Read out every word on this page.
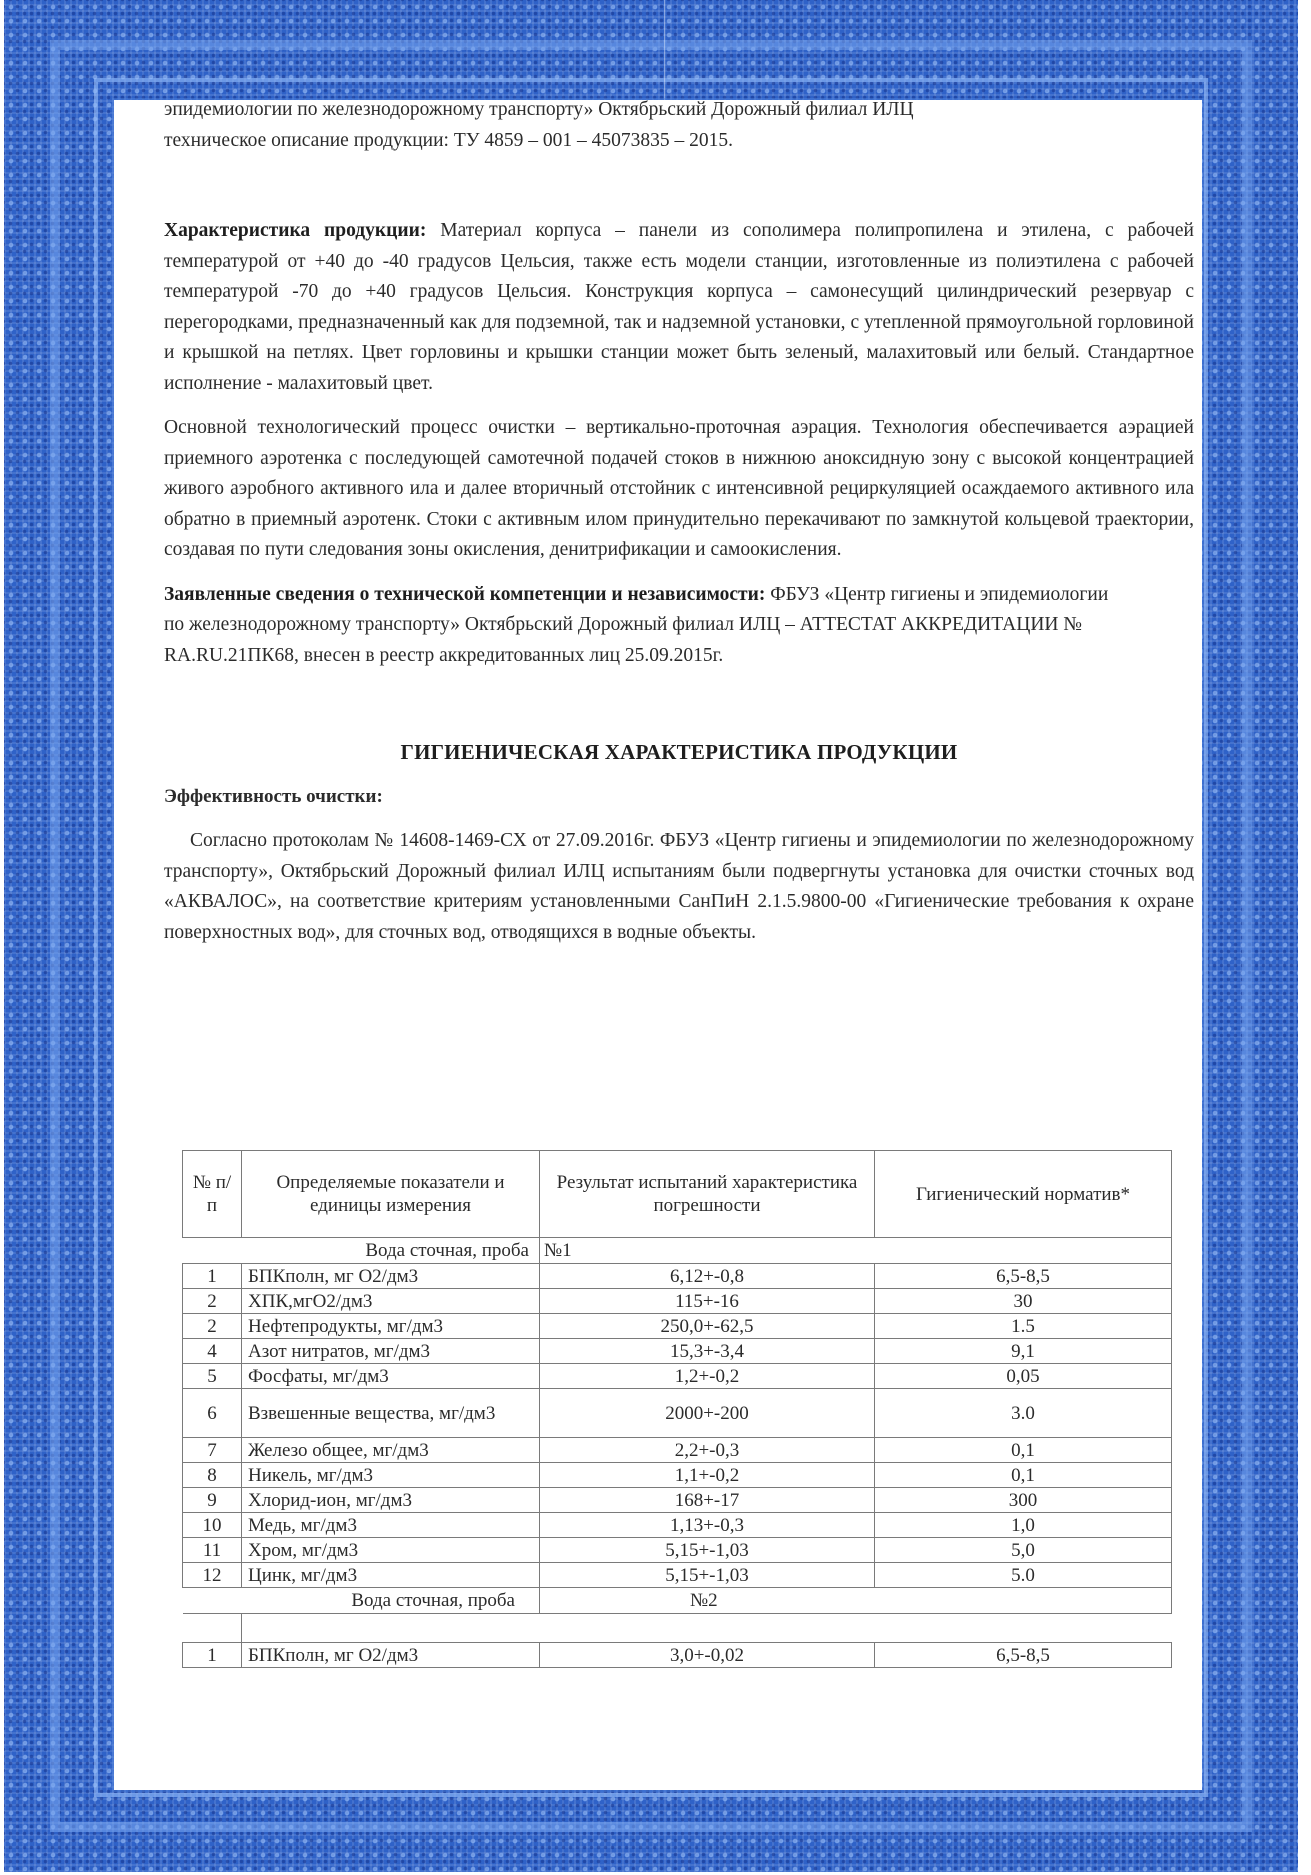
эпидемиологии по железнодорожному транспорту» Октябрьский Дорожный филиал ИЛЦ

техническое описание продукции: ТУ 4859 – 001 – 45073835 – 2015.

Характеристика продукции: Материал корпуса – панели из сополимера полипропилена и этилена, с рабочей температурой от +40 до -40 градусов Цельсия, также есть модели станции, изготовленные из полиэтилена с рабочей температурой -70 до +40 градусов Цельсия. Конструкция корпуса – самонесущий цилиндрический резервуар с перегородками, предназначенный как для подземной, так и надземной установки, с утепленной прямоугольной горловиной и крышкой на петлях. Цвет горловины и крышки станции может быть зеленый, малахитовый или белый. Стандартное исполнение - малахитовый цвет.

Основной технологический процесс очистки – вертикально-проточная аэрация. Технология обеспечивается аэрацией приемного аэротенка с последующей самотечной подачей стоков в нижнюю аноксидную зону с высокой концентрацией живого аэробного активного ила и далее вторичный отстойник с интенсивной рециркуляцией осаждаемого активного ила обратно в приемный аэротенк. Стоки с активным илом принудительно перекачивают по замкнутой кольцевой траектории, создавая по пути следования зоны окисления, денитрификации и самоокисления.

Заявленные сведения о технической компетенции и независимости: ФБУЗ «Центр гигиены и эпидемиологии по железнодорожному транспорту» Октябрьский Дорожный филиал ИЛЦ – АТТЕСТАТ АККРЕДИТАЦИИ № RA.RU.21ПК68, внесен в реестр аккредитованных лиц 25.09.2015г.

ГИГИЕНИЧЕСКАЯ ХАРАКТЕРИСТИКА ПРОДУКЦИИ

Эффективность очистки:

Согласно протоколам № 14608-1469-СХ от 27.09.2016г. ФБУЗ «Центр гигиены и эпидемиологии по железнодорожному транспорту», Октябрьский Дорожный филиал ИЛЦ испытаниям были подвергнуты установка для очистки сточных вод «АКВАЛОС», на соответствие критериям установленными СанПиН 2.1.5.9800-00 «Гигиенические требования к охране поверхностных вод», для сточных вод, отводящихся в водные объекты.

№ п/п	Определяемые показатели и единицы измерения	Результат испытаний характеристика погрешности	Гигиенический норматив*
Вода сточная, проба		№1	
1	БПКполн, мг О2/дм3	6,12+-0,8	6,5-8,5
2	ХПК,мгО2/дм3	115+-16	30
2	Нефтепродукты, мг/дм3	250,0+-62,5	1.5
4	Азот нитратов, мг/дм3	15,3+-3,4	9,1
5	Фосфаты, мг/дм3	1,2+-0,2	0,05
6	Взвешенные вещества, мг/дм3	2000+-200	3.0
7	Железо общее, мг/дм3	2,2+-0,3	0,1
8	Никель, мг/дм3	1,1+-0,2	0,1
9	Хлорид-ион, мг/дм3	168+-17	300
10	Медь, мг/дм3	1,13+-0,3	1,0
11	Хром, мг/дм3	5,15+-1,03	5,0
12	Цинк, мг/дм3	5,15+-1,03	5.0
Вода сточная, проба		№2	

1	БПКполн, мг О2/дм3	3,0+-0,02	6,5-8,5
